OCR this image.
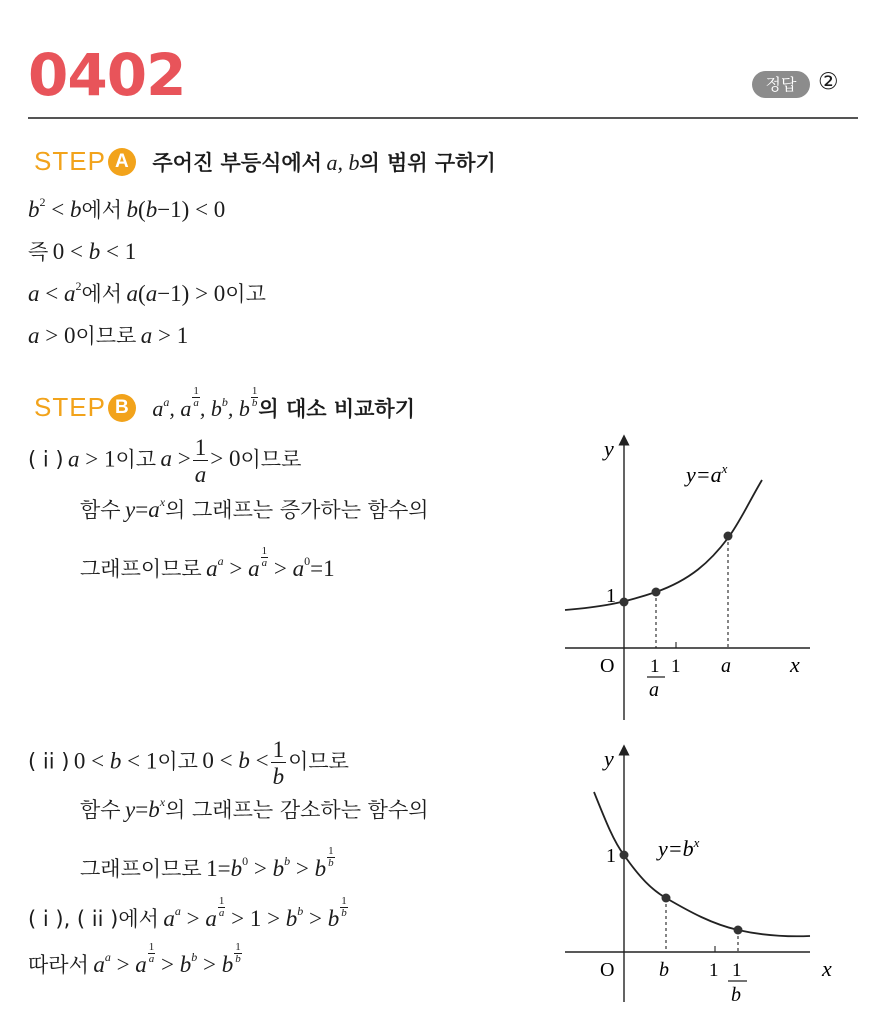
0402	정답 ②
STEP A 주어진 부등식에서 a, b의 범위 구하기
$b^2 < b$에서 b(b−1) < 0
즉 0 < b < 1
$a < a^2$에서 a(a−1) > 0이고
a > 0이므로 a > 1
STEP B $a^a$, a $\frac{1}{a}$ , $b^b$, b $\frac{1}{b}$ 의 대소 비교하기
( i ) a > 1이고 $a > \frac{1}{a} > 0$이므로
함수 $y=a^x$의 그래프는 증가하는 함수의
그래프이므로 $a^a > a \frac{1}{a} > a^0=1$
( ii ) 0 < b < 1이고 $0 < b < \frac{1}{b}$ 이므로
함수 $y=b^x$의 그래프는 감소하는 함수의
그래프이므로 $1=b^0 > b^b > b \frac{1}{b}$
( i ), ( ii )에서 $a^a > a \frac{1}{a} > 1 > b^b > b \frac{1}{b}$
따라서 $a^a > a \frac{1}{a} > b^b > b \frac{1}{b}$
y
x
O
1
$y=a^x$
1
a
1 a
y
x
O
1 $y=b^x$
b 1 1
b
